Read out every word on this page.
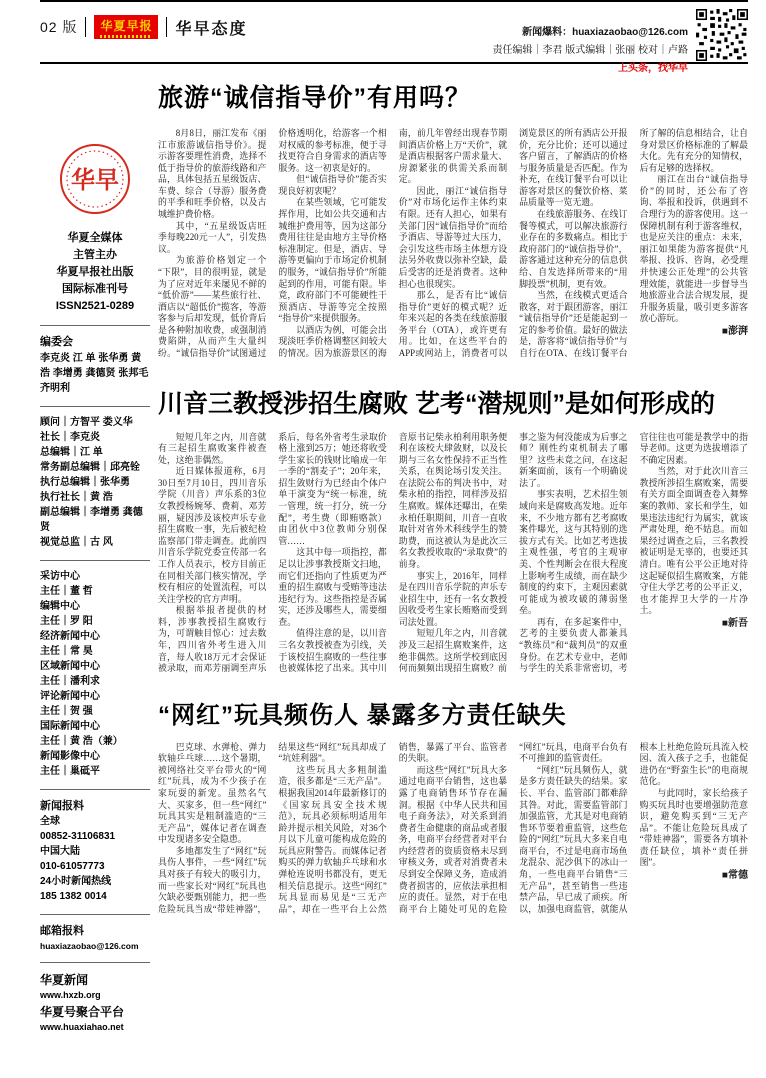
02 版 华夏早报 华早态度	新闻爆料：huaxiazaobao@126.com
责任编辑｜李君 版式编辑｜张丽 校对｜卢路
上头条，找华早
华早
华夏全媒体
主管主办
华夏早报社出版
国际标准刊号
ISSN2521-0289
编委会
李克炎 江 单 张华勇 黄 浩 李增勇 龚德贤 张邦毛 齐明利
顾问｜方智平 娄义华
社长｜李克炎
总编辑｜江 单
常务副总编辑｜邱亮铨
执行总编辑｜张华勇
执行社长｜黄 浩
副总编辑｜李增勇 龚德贤
视觉总监｜古 风
采访中心
主任｜董 哲
编辑中心
主任｜罗 阳
经济新闻中心
主任｜常 昊
区域新闻中心
主任｜潘利求
评论新闻中心
主任｜贺 强
国际新闻中心
主任｜黄 浩（兼）
新闻影像中心
主任｜巢砥平
新闻报料
全球
00852-31106831
中国大陆
010-61057773
24小时新闻热线
185 1382 0014
邮箱报料
huaxiazaobao@126.com
华夏新闻
www.hxzb.org
华夏号聚合平台
www.huaxiahao.net
旅游“诚信指导价”有用吗？

8月8日，丽江发布《丽江市旅游诚信指导价》。提示游客要理性消费，选择不低于指导价的旅游线路和产品，具体包括五星级饭店、车费、综合（导游）服务费的平季和旺季价格，以及古城维护费价格。

其中，“五星级饭店旺季每晚220元一人”，引发热议。

为旅游价格划定一个“下限”，目的很明显，就是为了应对近年来屡见不鲜的“低价游”——某些旅行社、酒店以“超低价”揽客，等游客参与后却发现，低价背后是各种附加收费，或强制消费陷阱，从而产生大量纠纷。“诚信指导价”试图通过价格透明化，给游客一个相对权威的参考标准，便于寻找更符合自身需求的酒店等服务。这一初衷是好的。

但“诚信指导价”能否实现良好初衷呢？

在某些领域，它可能发挥作用，比如公共交通和古城维护费用等，因为这部分费用往往是由地方主导价格标准制定。但是，酒店、导游等更偏向于市场定价机制的服务，“诚信指导价”所能起到的作用，可能有限。毕竟，政府部门不可能硬性干预酒店、导游等完全按照“指导价”来提供服务。

以酒店为例，可能会出现淡旺季价格调整区间较大的情况。因为旅游景区的海南，前几年曾经出现春节期间酒店价格上万“天价”，就是酒店根据客户需求量大、房源紧张的供需关系而制定。

因此，丽江“诚信指导价”对市场化运作主体约束有限。还有人担心，如果有关部门因“诚信指导价”而给予酒店、导游等过大压力，会引发这些市场主体想方设法另外收费以弥补空缺，最后受害的还是消费者。这种担心也很现实。

那么，是否有比“诚信指导价”更好的模式呢？近年来兴起的各类在线旅游服务平台（OTA），或许更有用。比如，在这些平台的APP或网站上，消费者可以浏览景区的所有酒店公开报价，充分比价；还可以通过客户留言，了解酒店的价格与服务质量是否匹配。作为补充，在线订餐平台可以让游客对景区的餐饮价格、菜品质量等一览无遗。

在线旅游服务、在线订餐等模式，可以解决旅游行业存在的多数痛点。相比于政府部门的“诚信指导价”，游客通过这种充分的信息供给、自发选择所带来的“用脚投票”机制，更有效。

当然，在线模式更适合散客，对于跟团游客，丽江“诚信指导价”还是能起到一定的参考价值。最好的做法是，游客将“诚信指导价”与自行在OTA、在线订餐平台所了解的信息相结合，让自身对景区价格标准的了解最大化。先有充分的知情权，后有足够的选择权。

丽江在出台“诚信指导价”的同时，还公布了咨询、举报和投诉，供遇到不合理行为的游客使用。这一保障机制有利于游客维权，也是应关注的重点：未来，丽江如果能为游客提供“凡举报、投诉、咨询，必受理并快速公正处理”的公共管理效能，就能进一步督导当地旅游业合法合规发展，提升服务质量，吸引更多游客放心游玩。

■澎湃

川音三教授涉招生腐败 艺考“潜规则”是如何形成的

短短几年之内，川音就有三起招生腐败案件被查处，这绝非偶然。

近日媒体报道称，6月30日至7月10日，四川音乐学院（川音）声乐系的3位女教授杨婉琴、费莉、邓芳丽，疑因涉及该校声乐专业招生腐败一事，先后被纪检监察部门带走调查。此前四川音乐学院党委宣传部一名工作人员表示，校方目前正在同相关部门核实情况，学校有相应的处置流程，可以关注学校的官方声明。

根据举报者提供的材料，涉事教授招生腐败行为，可谓触目惊心：过去数年，四川省外考生进入川音，每人收18万元才会保证被录取，而邓芳丽调至声乐系后，每名外省考生录取价格上涨到25万；她还将收受学生家长的钱财比喻成一年一季的“割麦子”；20年来，招生敛财行为已经由个体户单干演变为“统一标准，统一管理，统一打分，统一分配”，考生费（即贿赂款）由团伙中3位教师分别保管……

这其中每一项指控，都足以让涉事教授斯文扫地，而它们还指向了性质更为严重的招生腐败与受贿等违法违纪行为。这些指控是否属实，还涉及哪些人，需要细查。

值得注意的是，以川音三名女教授被查为引线，关于该校招生腐败的一些往事也被媒体挖了出来。其中川音原书记柴永柏利用职务便利在该校大肆敛财，以及长期与三名女性保持不正当性关系，在舆论场引发关注。在法院公布的判决书中，对柴永柏的指控，同样涉及招生腐败。媒体还曝出，在柴永柏任职期间，川音一直收取针对省外术科线学生的赞助费，而这被认为是此次三名女教授收取的“录取费”的前身。

事实上，2016年，同样是在四川音乐学院的声乐专业招生中，还有一名女教授因收受考生家长贿赂而受到司法处置。

短短几年之内，川音就涉及三起招生腐败案件，这绝非偶然。这所学校到底因何而频频出现招生腐败？前事之鉴为何没能成为后事之师？刚性约束机制去了哪里？这些未竟之问，在这起新案面前，该有一个明确说法了。

事实表明，艺术招生领域向来是腐败高发地。近年来，不少地方都有艺考腐败案件曝光，这与其特别的选拔方式有关。比如艺考选拔主观性强，考官的主观审美、个性判断会在很大程度上影响考生成绩，而在缺少制度的约束下，主观因素就可能成为被攻破的薄弱堡垒。

再有，在多起案件中，艺考的主要负责人都兼具“教练员”和“裁判员”的双重身份。在艺术专业中，老师与学生的关系非常密切，考官往往也可能是教学中的指导老师。这更为选拔增添了不确定因素。

当然，对于此次川音三教授所涉招生腐败案，需要有关方面全面调查卷入舞弊案的教师、家长和学生，如果违法违纪行为属实，就该严肃处理，绝不姑息。而如果经过调查之后，三名教授被证明是无辜的，也要还其清白。唯有公平公正地对待这起疑似招生腐败案，方能守住大学艺考的公平正义，也才能捍卫大学的一片净土。

■新吾

“网红”玩具频伤人 暴露多方责任缺失

巴克球、水弹枪、弹力软轴乒乓球……这个暑期，被网络社交平台带火的“网红”玩具，成为不少孩子在家玩耍的新宠。虽然名气大、买家多，但一些“网红”玩具其实是粗制滥造的“三无产品”，媒体记者在调查中发现诸多安全隐患。

多地都发生了“网红”玩具伤人事件，一些“网红”玩具对孩子有较大的吸引力，而一些家长对“网红”玩具也欠缺必要甄别能力，把一些危险玩具当成“带娃神器”，结果这些“网红”玩具却成了“坑娃利器”。

这些玩具大多粗制滥造，很多都是“三无产品”。根据我国2014年最新修订的《国家玩具安全技术规范》，玩具必须标明适用年龄并提示相关风险，对36个月以下儿童可能构成危险的玩具应附警告。而媒体记者购买的弹力软轴乒乓球和水弹枪连说明书都没有，更无相关信息提示。这些“网红”玩具显而易见是“三无产品”，却在一些平台上公然销售，暴露了平台、监管者的失职。

而这些“网红”玩具大多通过电商平台销售，这也暴露了电商销售环节存在漏洞。根据《中华人民共和国电子商务法》，对关系到消费者生命健康的商品或者服务，电商平台经营者对平台内经营者的资质资格未尽到审核义务，或者对消费者未尽到安全保障义务，造成消费者损害的，应依法承担相应的责任。显然，对于在电商平台上随处可见的危险“网红”玩具，电商平台负有不可推卸的监管责任。

“网红”玩具频伤人，就是多方责任缺失的结果。家长、平台、监管部门都难辞其咎。对此，需要监管部门加强监管，尤其是对电商销售环节要着重监管，这些危险的“网红”玩具大多来自电商平台，不过是电商市场鱼龙混杂、泥沙俱下的冰山一角，一些电商平台销售“三无产品”，甚至销售一些违禁产品，早已成了顽疾。所以，加强电商监管，就能从根本上杜绝危险玩具流入校园、流入孩子之手，也能促进仍在“野蛮生长”的电商规范化。

与此同时，家长给孩子购买玩具时也要增强防范意识，避免购买到“三无产品”。不能让危险玩具成了“带娃神器”，需要各方填补责任缺位，填补“责任拼图”。

■常德
